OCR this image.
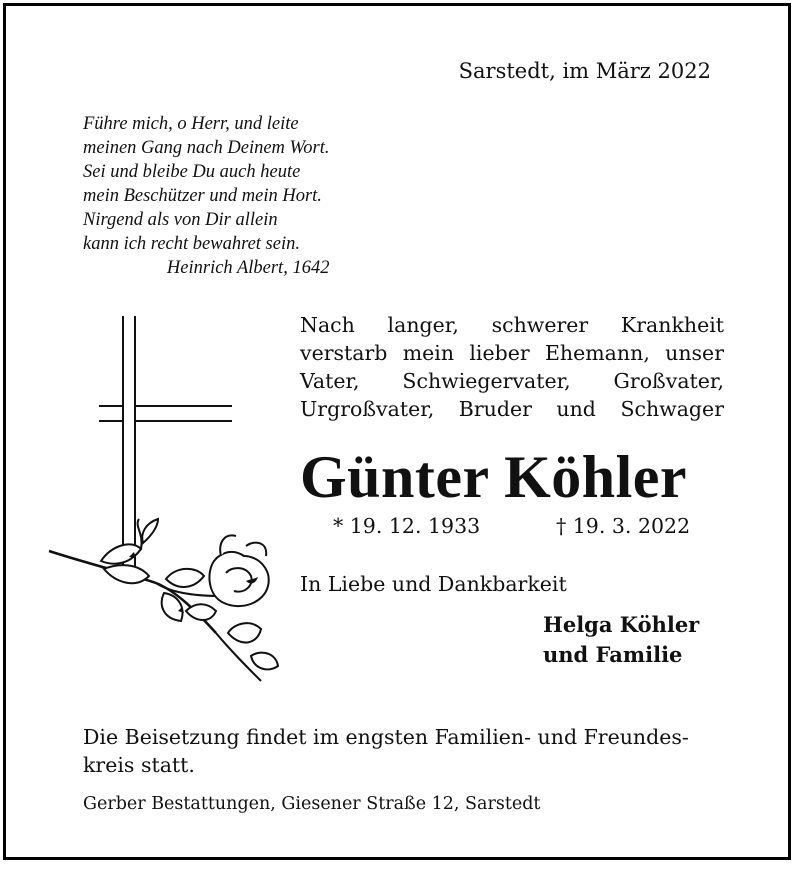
Sarstedt, im März 2022
Führe mich, o Herr, und leite
meinen Gang nach Deinem Wort.
Sei und bleibe Du auch heute
mein Beschützer und mein Hort.
Nirgend als von Dir allein
kann ich recht bewahret sein.
Heinrich Albert, 1642
Nach langer, schwerer Krankheit
verstarb mein lieber Ehemann, unser
Vater, Schwiegervater, Großvater,
Urgroßvater, Bruder und Schwager
Günter Köhler
* 19. 12. 1933	† 19. 3. 2022
In Liebe und Dankbarkeit
Helga Köhler
und Familie
Die Beisetzung findet im engsten Familien- und Freundes-
kreis statt.
Gerber Bestattungen, Giesener Straße 12, Sarstedt
